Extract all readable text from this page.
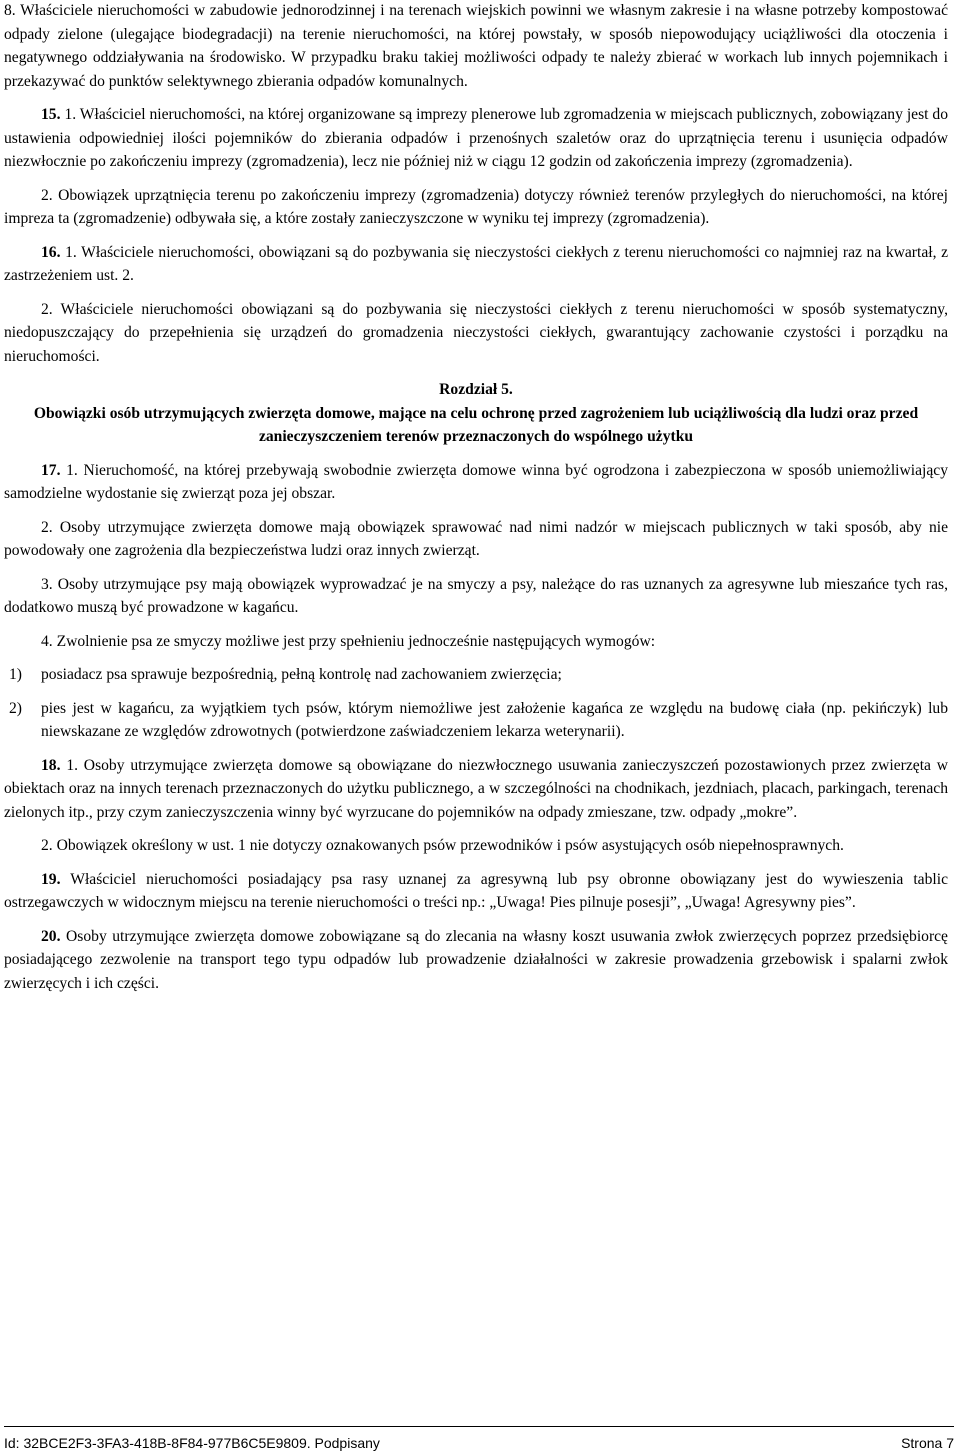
8. Właściciele nieruchomości w zabudowie jednorodzinnej i na terenach wiejskich powinni we własnym zakresie i na własne potrzeby kompostować odpady zielone (ulegające biodegradacji) na terenie nieruchomości, na której powstały, w sposób niepowodujący uciążliwości dla otoczenia i negatywnego oddziaływania na środowisko. W przypadku braku takiej możliwości odpady te należy zbierać w workach lub innych pojemnikach i przekazywać do punktów selektywnego zbierania odpadów komunalnych.

15. 1. Właściciel nieruchomości, na której organizowane są imprezy plenerowe lub zgromadzenia w miejscach publicznych, zobowiązany jest do ustawienia odpowiedniej ilości pojemników do zbierania odpadów i przenośnych szaletów oraz do uprzątnięcia terenu i usunięcia odpadów niezwłocznie po zakończeniu imprezy (zgromadzenia), lecz nie później niż w ciągu 12 godzin od zakończenia imprezy (zgromadzenia).

2. Obowiązek uprzątnięcia terenu po zakończeniu imprezy (zgromadzenia) dotyczy również terenów przyległych do nieruchomości, na której impreza ta (zgromadzenie) odbywała się, a które zostały zanieczyszczone w wyniku tej imprezy (zgromadzenia).

16. 1. Właściciele nieruchomości, obowiązani są do pozbywania się nieczystości ciekłych z terenu nieruchomości co najmniej raz na kwartał, z zastrzeżeniem ust. 2.

2. Właściciele nieruchomości obowiązani są do pozbywania się nieczystości ciekłych z terenu nieruchomości w sposób systematyczny, niedopuszczający do przepełnienia się urządzeń do gromadzenia nieczystości ciekłych, gwarantujący zachowanie czystości i porządku na nieruchomości.

Rozdział 5.

Obowiązki osób utrzymujących zwierzęta domowe, mające na celu ochronę przed zagrożeniem lub uciążliwością dla ludzi oraz przed zanieczyszczeniem terenów przeznaczonych do wspólnego użytku

17. 1. Nieruchomość, na której przebywają swobodnie zwierzęta domowe winna być ogrodzona i zabezpieczona w sposób uniemożliwiający samodzielne wydostanie się zwierząt poza jej obszar.

2. Osoby utrzymujące zwierzęta domowe mają obowiązek sprawować nad nimi nadzór w miejscach publicznych w taki sposób, aby nie powodowały one zagrożenia dla bezpieczeństwa ludzi oraz innych zwierząt.

3. Osoby utrzymujące psy mają obowiązek wyprowadzać je na smyczy a psy, należące do ras uznanych za agresywne lub mieszańce tych ras, dodatkowo muszą być prowadzone w kagańcu.

4. Zwolnienie psa ze smyczy możliwe jest przy spełnieniu jednocześnie następujących wymogów:

1)	posiadacz psa sprawuje bezpośrednią, pełną kontrolę nad zachowaniem zwierzęcia;
2)	pies jest w kagańcu, za wyjątkiem tych psów, którym niemożliwe jest założenie kagańca ze względu na budowę ciała (np. pekińczyk) lub niewskazane ze względów zdrowotnych (potwierdzone zaświadczeniem lekarza weterynarii).

18. 1. Osoby utrzymujące zwierzęta domowe są obowiązane do niezwłocznego usuwania zanieczyszczeń pozostawionych przez zwierzęta w obiektach oraz na innych terenach przeznaczonych do użytku publicznego, a w szczególności na chodnikach, jezdniach, placach, parkingach, terenach zielonych itp., przy czym zanieczyszczenia winny być wyrzucane do pojemników na odpady zmieszane, tzw. odpady „mokre”.

2. Obowiązek określony w ust. 1 nie dotyczy oznakowanych psów przewodników i psów asystujących osób niepełnosprawnych.

19. Właściciel nieruchomości posiadający psa rasy uznanej za agresywną lub psy obronne obowiązany jest do wywieszenia tablic ostrzegawczych w widocznym miejscu na terenie nieruchomości o treści np.: „Uwaga! Pies pilnuje posesji”, „Uwaga! Agresywny pies”.

20. Osoby utrzymujące zwierzęta domowe zobowiązane są do zlecania na własny koszt usuwania zwłok zwierzęcych poprzez przedsiębiorcę posiadającego zezwolenie na transport tego typu odpadów lub prowadzenie działalności w zakresie prowadzenia grzebowisk i spalarni zwłok zwierzęcych i ich części.

Id: 32BCE2F3-3FA3-418B-8F84-977B6C5E9809. Podpisany	Strona 7
